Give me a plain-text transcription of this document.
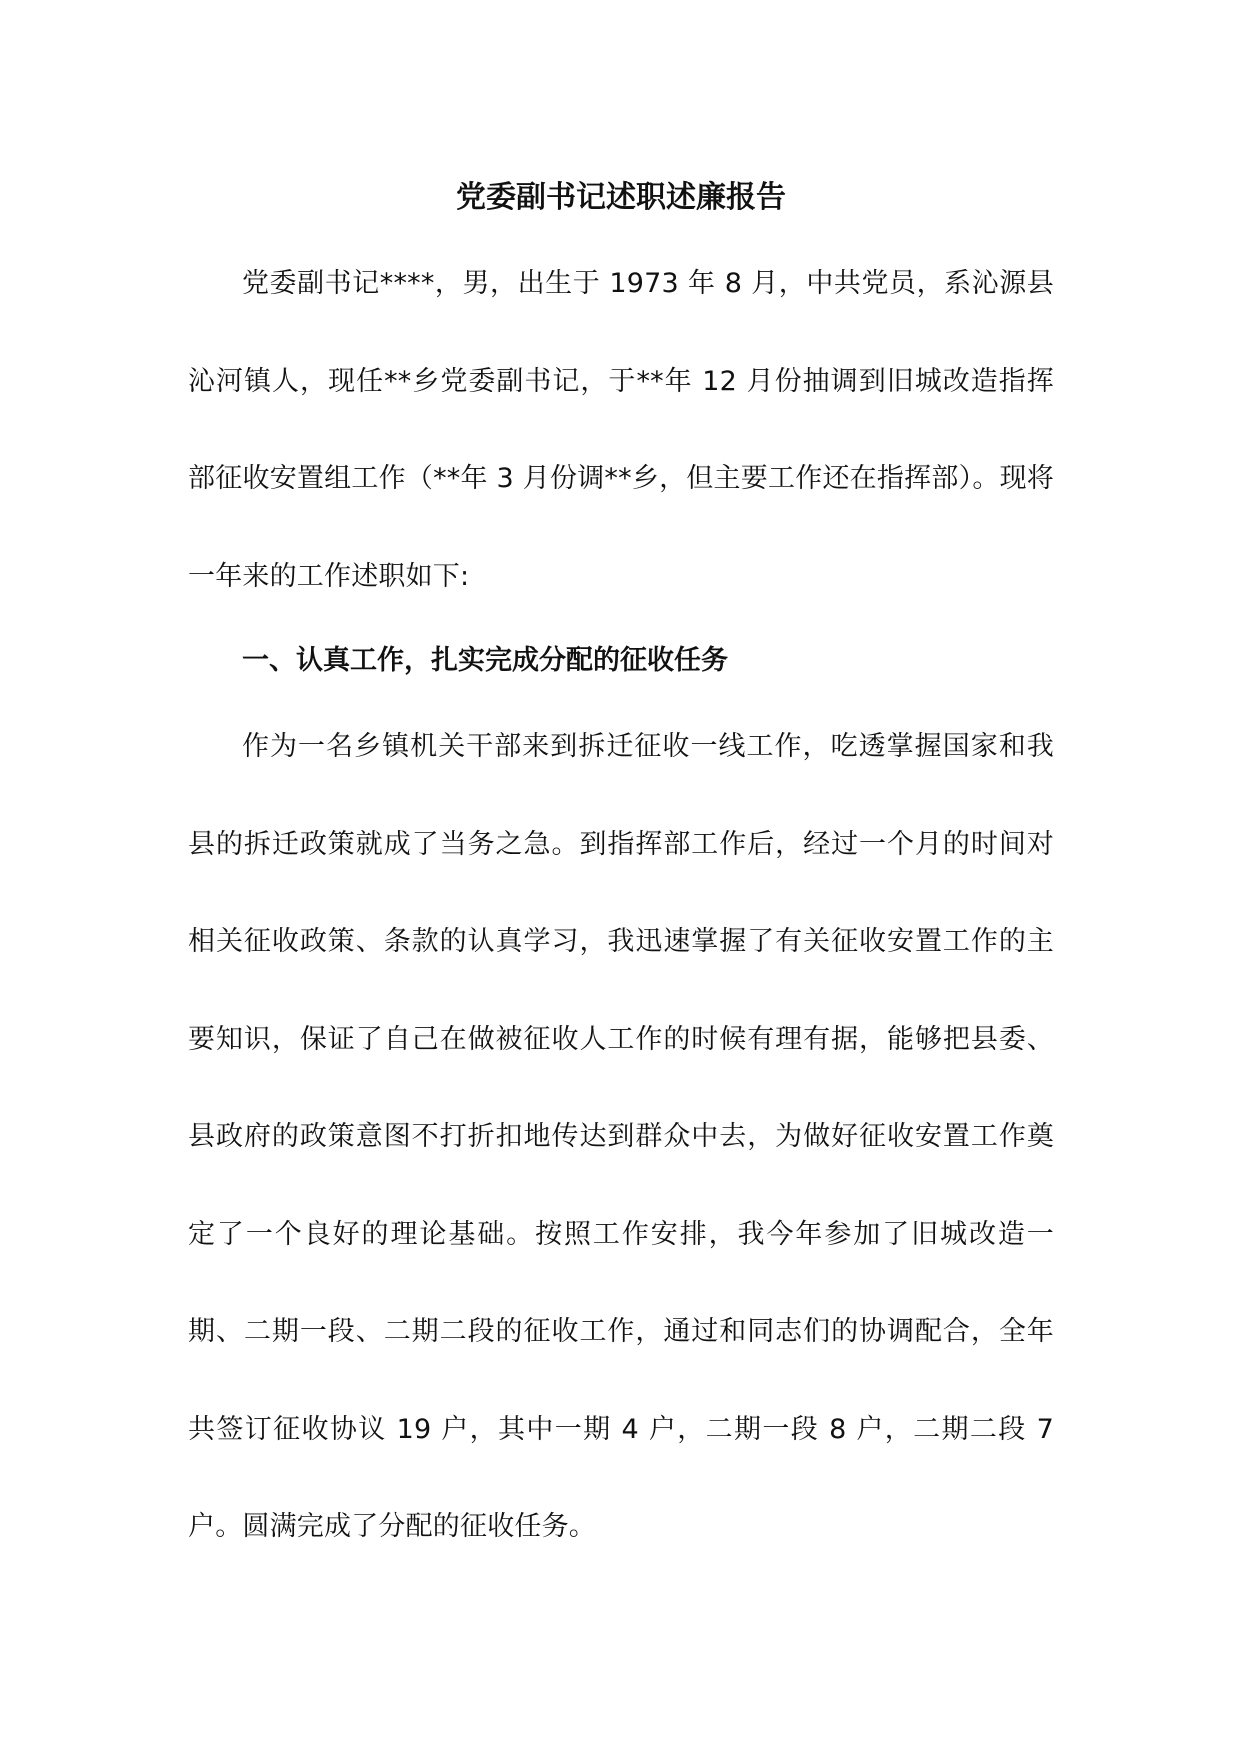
党委副书记述职述廉报告

党委副书记****，男，出生于 1973 年 8 月，中共党员，系沁源县沁河镇人，现任**乡党委副书记，于**年 12 月份抽调到旧城改造指挥部征收安置组工作（**年 3 月份调**乡，但主要工作还在指挥部）。现将一年来的工作述职如下:

一、认真工作，扎实完成分配的征收任务

作为一名乡镇机关干部来到拆迁征收一线工作，吃透掌握国家和我县的拆迁政策就成了当务之急。到指挥部工作后，经过一个月的时间对相关征收政策、条款的认真学习，我迅速掌握了有关征收安置工作的主要知识，保证了自己在做被征收人工作的时候有理有据，能够把县委、县政府的政策意图不打折扣地传达到群众中去，为做好征收安置工作奠定了一个良好的理论基础。按照工作安排，我今年参加了旧城改造一期、二期一段、二期二段的征收工作，通过和同志们的协调配合，全年共签订征收协议 19 户，其中一期 4 户，二期一段 8 户，二期二段 7 户。圆满完成了分配的征收任务。
